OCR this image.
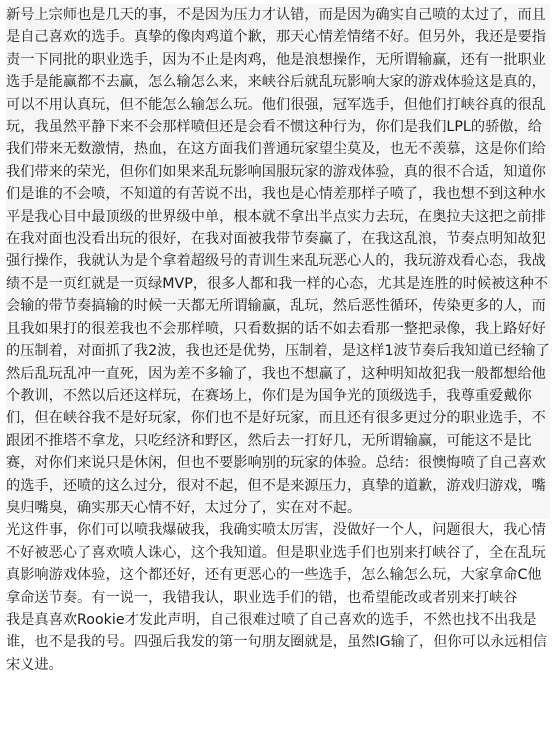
新号上宗师也是几天的事，不是因为压力才认错，而是因为确实自己喷的太过了，而且是自己喜欢的选手。真挚的像肉鸡道个歉，那天心情差情绪不好。但另外，我还是要指责一下同批的职业选手，因为不止是肉鸡，他是浪想操作，无所谓输赢，还有一批职业选手是能赢都不去赢，怎么输怎么来，来峡谷后就乱玩影响大家的游戏体验这是真的，可以不用认真玩，但不能怎么输怎么玩。他们很强，冠军选手，但他们打峡谷真的很乱玩，我虽然平静下来不会那样喷但还是会看不惯这种行为，你们是我们LPL的骄傲，给我们带来无数激情，热血，在这方面我们普通玩家望尘莫及，也无不羡慕，这是你们给我们带来的荣光，但你们如果来乱玩影响国服玩家的游戏体验，真的很不合适，知道你们是谁的不会喷，不知道的有苦说不出，我也是心情差那样子喷了，我也想不到这种水平是我心目中最顶级的世界级中单，根本就不拿出半点实力去玩，在奥拉夫这把之前排在我对面也没看出玩的很好，在我对面被我带节奏赢了，在我这乱浪，节奏点明知故犯强行操作，我就认为是个拿着超级号的青训生来乱玩恶心人的，我玩游戏看心态，我战绩不是一页红就是一页绿MVP，很多人都和我一样的心态，尤其是连胜的时候被这种不会输的带节奏搞输的时候一天都无所谓输赢，乱玩，然后恶性循环，传染更多的人，而且我如果打的很差我也不会那样喷，只看数据的话不如去看那一整把录像，我上路好好的压制着，对面抓了我2波，我也还是优势，压制着，是这样1波节奏后我知道已经输了然后乱玩乱冲一直死，因为差不多输了，我也不想赢了，这种明知故犯我一般都想给他个教训，不然以后还这样玩，在赛场上，你们是为国争光的顶级选手，我尊重爱戴你们，但在峡谷我不是好玩家，你们也不是好玩家，而且还有很多更过分的职业选手，不跟团不推塔不拿龙，只吃经济和野区，然后去一打好几，无所谓输赢，可能这不是比赛，对你们来说只是休闲，但也不要影响别的玩家的体验。总结：很懊悔喷了自己喜欢的选手，还喷的这么过分，很对不起，但不是来源压力，真挚的道歉，游戏归游戏，嘴臭归嘴臭，确实那天心情不好，太过分了，实在对不起。

光这件事，你们可以喷我爆破我，我确实喷太厉害，没做好一个人，问题很大，我心情不好被恶心了喜欢喷人诛心，这个我知道。但是职业选手们也别来打峡谷了，全在乱玩真影响游戏体验，这个都还好，还有更恶心的一些选手，怎么输怎么玩，大家拿命C他拿命送节奏。有一说一，我错我认，职业选手们的错，也希望能改或者别来打峡谷

我是真喜欢Rookie才发此声明，自己很难过喷了自己喜欢的选手，不然也找不出我是谁，也不是我的号。四强后我发的第一句朋友圈就是，虽然IG输了，但你可以永远相信宋义进。
